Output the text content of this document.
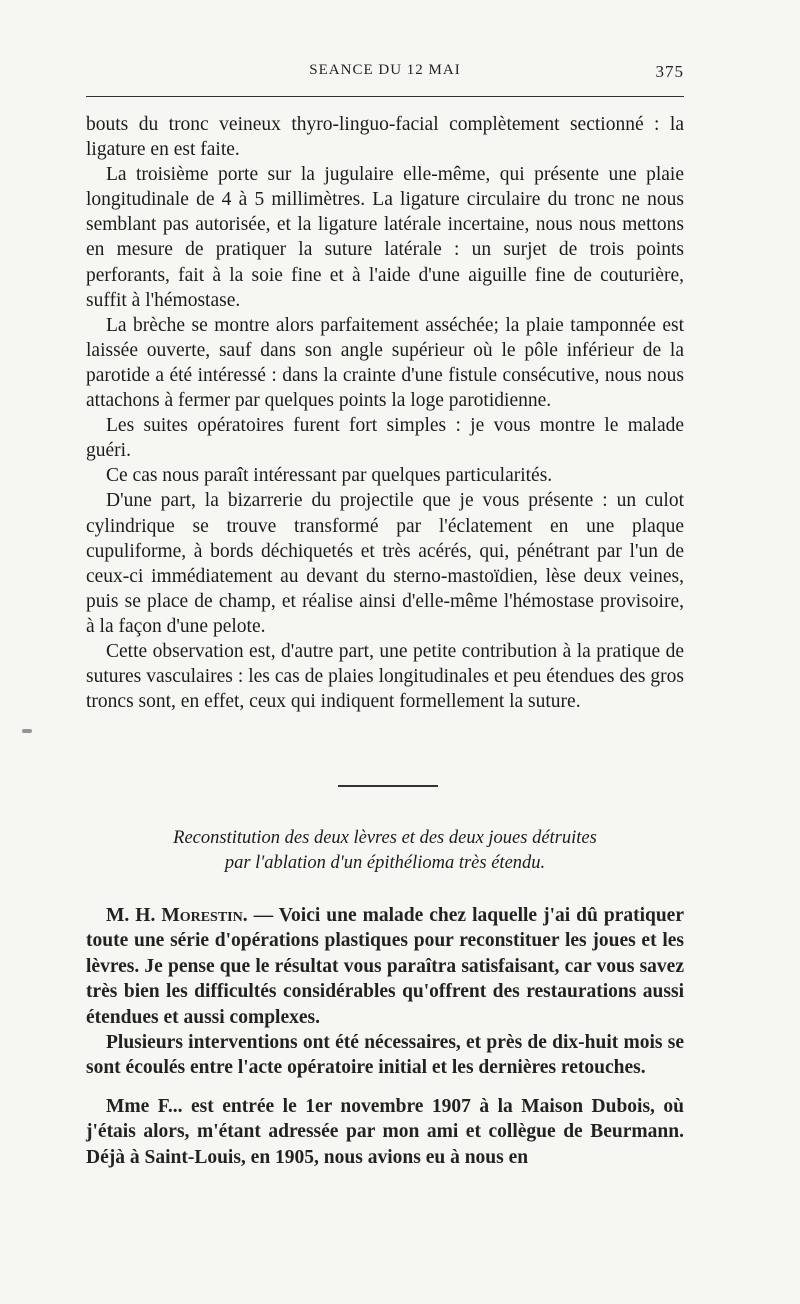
SEANCE DU 12 MAI	375

bouts du tronc veineux thyro-linguo-facial complètement sectionné : la ligature en est faite.

La troisième porte sur la jugulaire elle-même, qui présente une plaie longitudinale de 4 à 5 millimètres. La ligature circulaire du tronc ne nous semblant pas autorisée, et la ligature latérale incertaine, nous nous mettons en mesure de pratiquer la suture latérale : un surjet de trois points perforants, fait à la soie fine et à l'aide d'une aiguille fine de couturière, suffit à l'hémostase.

La brèche se montre alors parfaitement asséchée; la plaie tamponnée est laissée ouverte, sauf dans son angle supérieur où le pôle inférieur de la parotide a été intéressé : dans la crainte d'une fistule consécutive, nous nous attachons à fermer par quelques points la loge parotidienne.

Les suites opératoires furent fort simples : je vous montre le malade guéri.

Ce cas nous paraît intéressant par quelques particularités.

D'une part, la bizarrerie du projectile que je vous présente : un culot cylindrique se trouve transformé par l'éclatement en une plaque cupuliforme, à bords déchiquetés et très acérés, qui, pénétrant par l'un de ceux-ci immédiatement au devant du sterno-mastoïdien, lèse deux veines, puis se place de champ, et réalise ainsi d'elle-même l'hémostase provisoire, à la façon d'une pelote.

Cette observation est, d'autre part, une petite contribution à la pratique de sutures vasculaires : les cas de plaies longitudinales et peu étendues des gros troncs sont, en effet, ceux qui indiquent formellement la suture.

Reconstitution des deux lèvres et des deux joues détruites
par l'ablation d'un épithélioma très étendu.

M. H. Morestin. — Voici une malade chez laquelle j'ai dû pratiquer toute une série d'opérations plastiques pour reconstituer les joues et les lèvres. Je pense que le résultat vous paraîtra satisfaisant, car vous savez très bien les difficultés considérables qu'offrent des restaurations aussi étendues et aussi complexes.

Plusieurs interventions ont été nécessaires, et près de dix-huit mois se sont écoulés entre l'acte opératoire initial et les dernières retouches.

Mme F... est entrée le 1er novembre 1907 à la Maison Dubois, où j'étais alors, m'étant adressée par mon ami et collègue de Beurmann. Déjà à Saint-Louis, en 1905, nous avions eu à nous en
